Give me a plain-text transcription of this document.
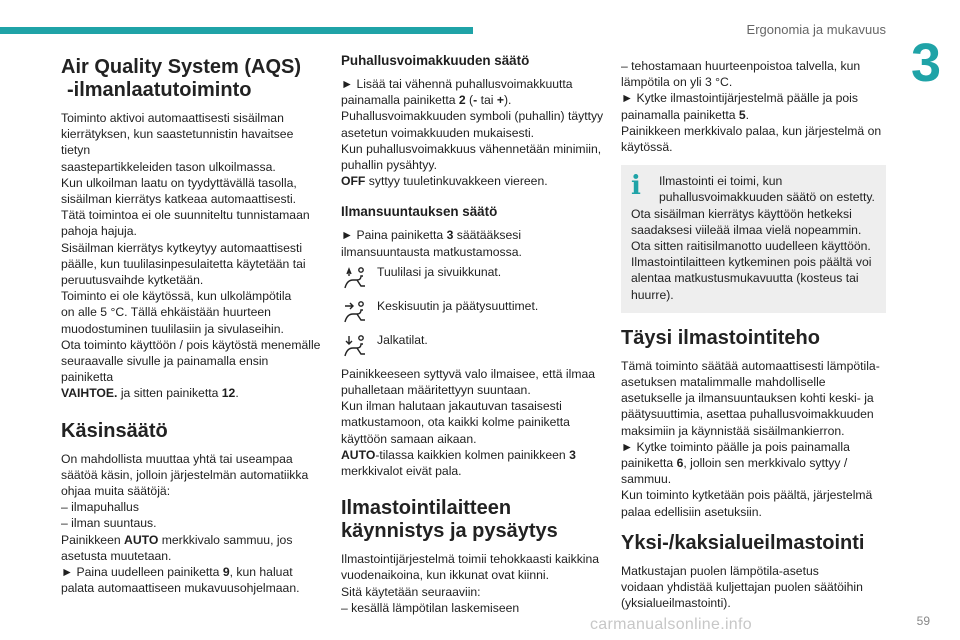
Ergonomia ja mukavuus
3
59
carmanualsonline.info
Air Quality System (AQS)
-ilmanlaatutoiminto

Toiminto aktivoi automaattisesti sisäilman

kierrätyksen, kun saastetunnistin havaitsee tietyn

saastepartikkeleiden tason ulkoilmassa.

Kun ulkoilman laatu on tyydyttävällä tasolla,

sisäilman kierrätys katkeaa automaattisesti.

Tätä toimintoa ei ole suunniteltu tunnistamaan

pahoja hajuja.

Sisäilman kierrätys kytkeytyy automaattisesti

päälle, kun tuulilasinpesulaitetta käytetään tai

peruutusvaihde kytketään.

Toiminto ei ole käytössä, kun ulkolämpötila

on alle 5 °C. Tällä ehkäistään huurteen

muodostuminen tuulilasiin ja sivulaseihin.

Ota toiminto käyttöön / pois käytöstä menemälle

seuraavalle sivulle ja painamalla ensin painiketta

VAIHTOE. ja sitten painiketta 12.

Käsinsäätö

On mahdollista muuttaa yhtä tai useampaa

säätöä käsin, jolloin järjestelmän automatiikka

ohjaa muita säätöjä:

– ilmapuhallus

– ilman suuntaus.

Painikkeen AUTO merkkivalo sammuu, jos

asetusta muutetaan.

► Paina uudelleen painiketta 9, kun haluat

palata automaattiseen mukavuusohjelmaan.

Puhallusvoimakkuuden säätö

► Lisää tai vähennä puhallusvoimakkuutta

painamalla painiketta 2 (- tai +).

Puhallusvoimakkuuden symboli (puhallin) täyttyy

asetetun voimakkuuden mukaisesti.

Kun puhallusvoimakkuus vähennetään minimiin,

puhallin pysähtyy.

OFF syttyy tuuletinkuvakkeen viereen.

Ilmansuuntauksen säätö

► Paina painiketta 3 säätääksesi

ilmansuuntausta matkustamossa.

Tuulilasi ja sivuikkunat.
Keskisuutin ja päätysuuttimet.
Jalkatilat.

Painikkeeseen syttyvä valo ilmaisee, että ilmaa

puhalletaan määritettyyn suuntaan.

Kun ilman halutaan jakautuvan tasaisesti

matkustamoon, ota kaikki kolme painiketta

käyttöön samaan aikaan.

AUTO-tilassa kaikkien kolmen painikkeen 3

merkkivalot eivät pala.

Ilmastointilaitteen
käynnistys ja pysäytys

Ilmastointijärjestelmä toimii tehokkaasti kaikkina

vuodenaikoina, kun ikkunat ovat kiinni.

Sitä käytetään seuraaviin:

– kesällä lämpötilan laskemiseen

– tehostamaan huurteenpoistoa talvella, kun

lämpötila on yli 3 °C.

► Kytke ilmastointijärjestelmä päälle ja pois

painamalla painiketta 5.

Painikkeen merkkivalo palaa, kun järjestelmä on

käytössä.

i	Ilmastointi ei toimi, kun

puhallusvoimakkuuden säätö on estetty.

Ota sisäilman kierrätys käyttöön hetkeksi

saadaksesi viileää ilmaa vielä nopeammin.

Ota sitten raitisilmanotto uudelleen käyttöön.

Ilmastointilaitteen kytkeminen pois päältä voi

alentaa matkustusmukavuutta (kosteus tai

huurre).

Täysi ilmastointiteho

Tämä toiminto säätää automaattisesti lämpötila-

asetuksen matalimmalle mahdolliselle

asetukselle ja ilmansuuntauksen kohti keski- ja

päätysuuttimia, asettaa puhallusvoimakkuuden

maksimiin ja käynnistää sisäilmankierron.

► Kytke toiminto päälle ja pois painamalla

painiketta 6, jolloin sen merkkivalo syttyy /

sammuu.

Kun toiminto kytketään pois päältä, järjestelmä

palaa edellisiin asetuksiin.

Yksi-/kaksialueilmastointi

Matkustajan puolen lämpötila-asetus

voidaan yhdistää kuljettajan puolen säätöihin

(yksialueilmastointi).
